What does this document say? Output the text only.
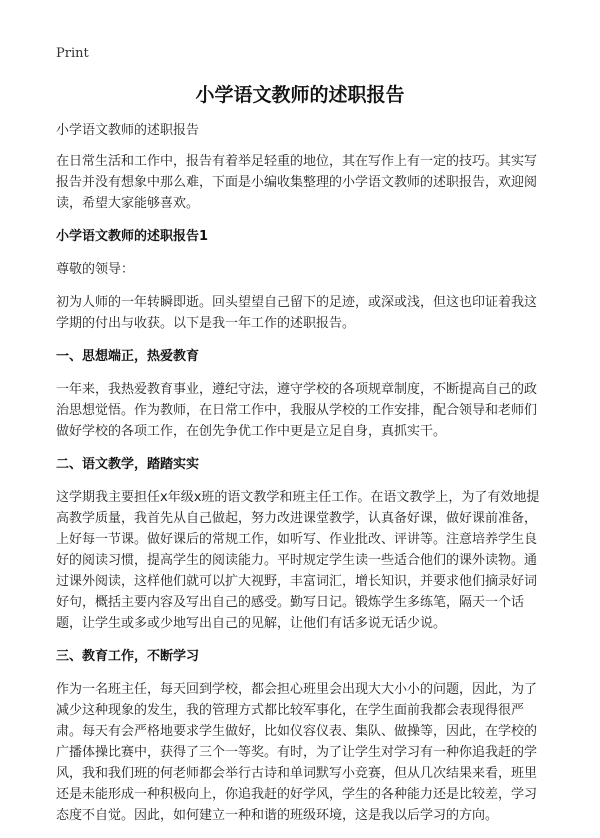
Print
小学语文教师的述职报告

小学语文教师的述职报告

在日常生活和工作中，报告有着举足轻重的地位，其在写作上有一定的技巧。其实写报告并没有想象中那么难，下面是小编收集整理的小学语文教师的述职报告，欢迎阅读，希望大家能够喜欢。

小学语文教师的述职报告1

尊敬的领导：

初为人师的一年转瞬即逝。回头望望自己留下的足迹，或深或浅，但这也印证着我这学期的付出与收获。以下是我一年工作的述职报告。

一、思想端正，热爱教育

一年来，我热爱教育事业，遵纪守法，遵守学校的各项规章制度，不断提高自己的政治思想觉悟。作为教师，在日常工作中，我服从学校的工作安排，配合领导和老师们做好学校的各项工作，在创先争优工作中更是立足自身，真抓实干。

二、语文教学，踏踏实实

这学期我主要担任x年级x班的语文教学和班主任工作。在语文教学上，为了有效地提高教学质量，我首先从自己做起，努力改进课堂教学，认真备好课，做好课前准备，上好每一节课。做好课后的常规工作，如听写、作业批改、评讲等。注意培养学生良好的阅读习惯，提高学生的阅读能力。平时规定学生读一些适合他们的课外读物。通过课外阅读，这样他们就可以扩大视野，丰富词汇，增长知识，并要求他们摘录好词好句，概括主要内容及写出自己的感受。勤写日记。锻炼学生多练笔，隔天一个话题，让学生或多或少地写出自己的见解，让他们有话多说无话少说。

三、教育工作，不断学习

作为一名班主任，每天回到学校，都会担心班里会出现大大小小的问题，因此，为了减少这种现象的发生，我的管理方式都比较军事化，在学生面前我都会表现得很严肃。每天有会严格地要求学生做好，比如仪容仪表、集队、做操等，因此，在学校的广播体操比赛中，获得了三个一等奖。有时，为了让学生对学习有一种你追我赶的学风，我和我们班的何老师都会举行古诗和单词默写小竞赛，但从几次结果来看，班里还是未能形成一种积极向上，你追我赶的好学风，学生的各种能力还是比较差，学习态度不自觉。因此，如何建立一种和谐的班级环境，这是我以后学习的方向。
